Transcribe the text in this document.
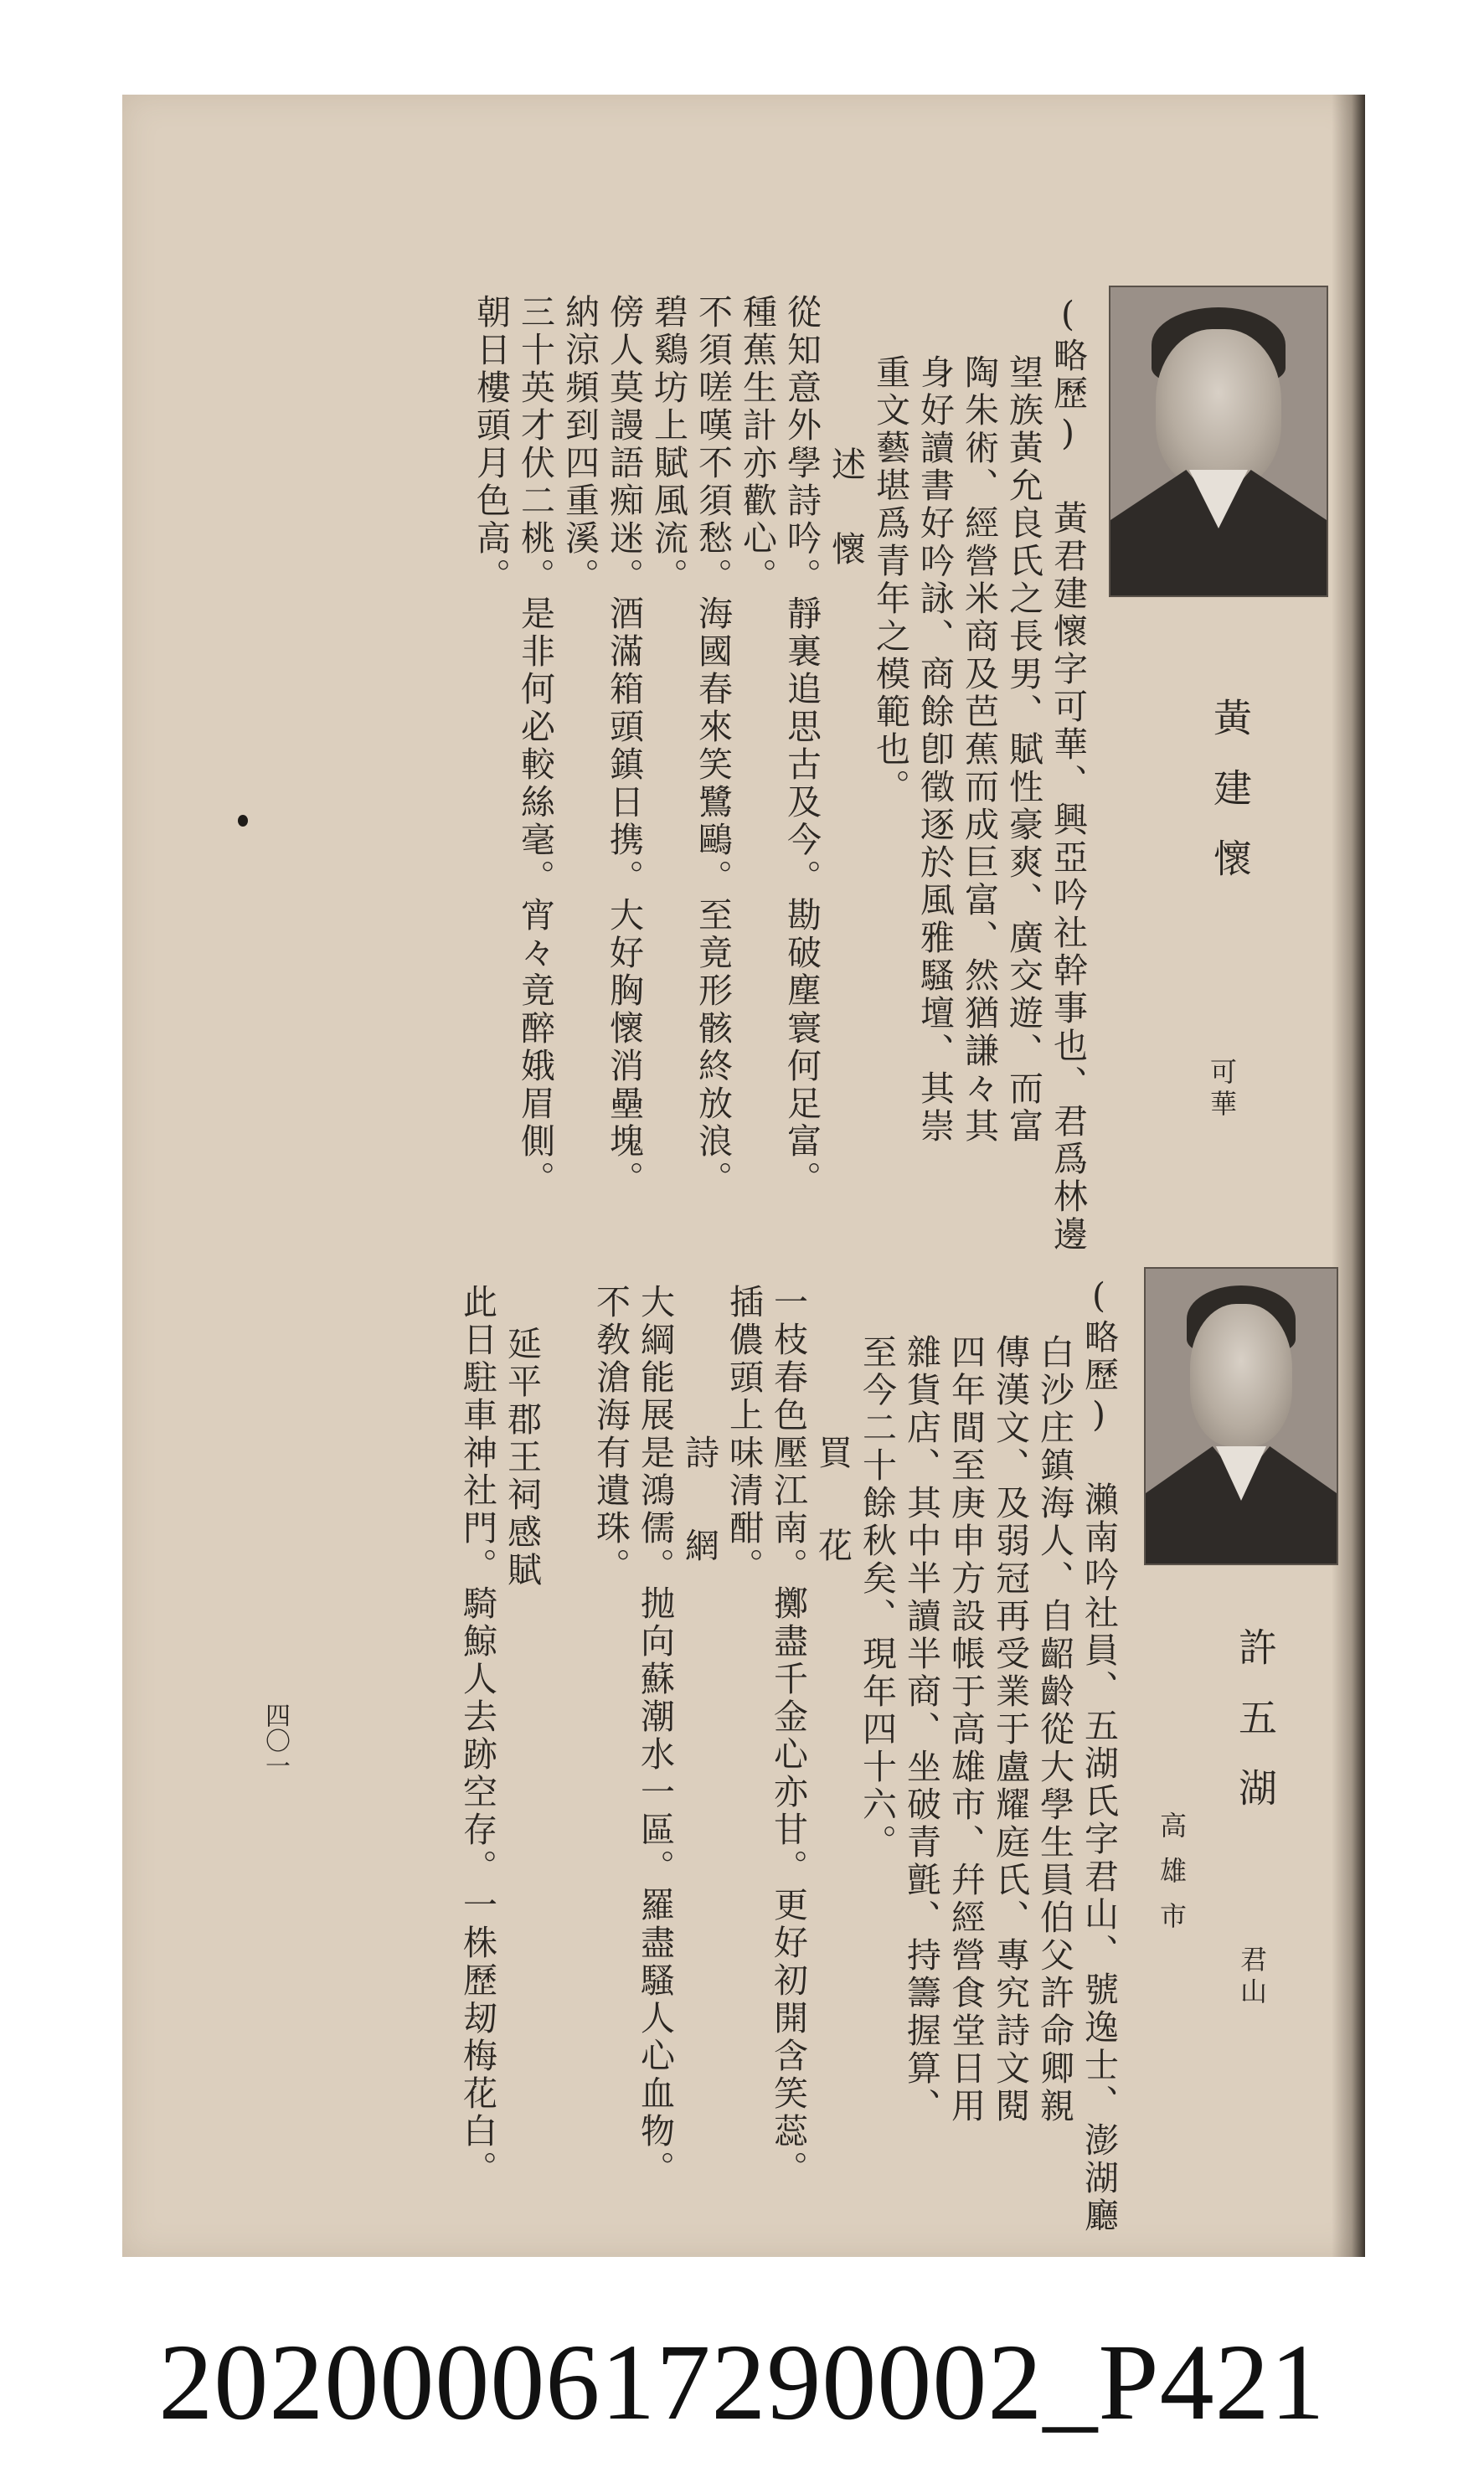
黃建懷
可華
(略歷) 黃君建懷字可華、興亞吟社幹事也、君爲林邊
望族黃允良氏之長男、賦性豪爽、廣交遊、而富
陶朱術、經營米商及芭蕉而成巨富、然猶謙々其
身好讀書好吟詠、商餘卽徵逐於風雅騷壇、其崇
重文藝堪爲青年之模範也。
述懷
從知意外學詩吟。靜裏追思古及今。勘破塵寰何足富。
種蕉生計亦歡心。
不須嗟嘆不須愁。海國春來笑鷺鷗。至竟形骸終放浪。
碧鷄坊上賦風流。
傍人莫謾語痴迷。酒滿箱頭鎮日携。大好胸懷消壘塊。
納涼頻到四重溪。
三十英才伏二桃。是非何必較絲毫。宵々竟醉娥眉側。
朝日樓頭月色高。
許五湖
君山
高雄市
(略歷) 瀨南吟社員、五湖氏字君山、號逸士、澎湖廳
白沙庄鎮海人、自齠齡從大學生員伯父許命卿親
傳漢文、及弱冠再受業于盧耀庭氏、專究詩文閱
四年間至庚申方設帳于高雄市、幷經營食堂日用
雜貨店、其中半讀半商、坐破青氈、持籌握算、
至今二十餘秋矣、現年四十六。
買花
一枝春色壓江南。擲盡千金心亦甘。更好初開含笑蕊。
插儂頭上味清酣。
詩網
大綱能展是鴻儒。抛向蘇潮水一區。羅盡騷人心血物。
不敎滄海有遺珠。
延平郡王祠感賦
此日駐車神社門。騎鯨人去跡空存。一株歷刼梅花白。
四〇一
2020000617290002_P421
